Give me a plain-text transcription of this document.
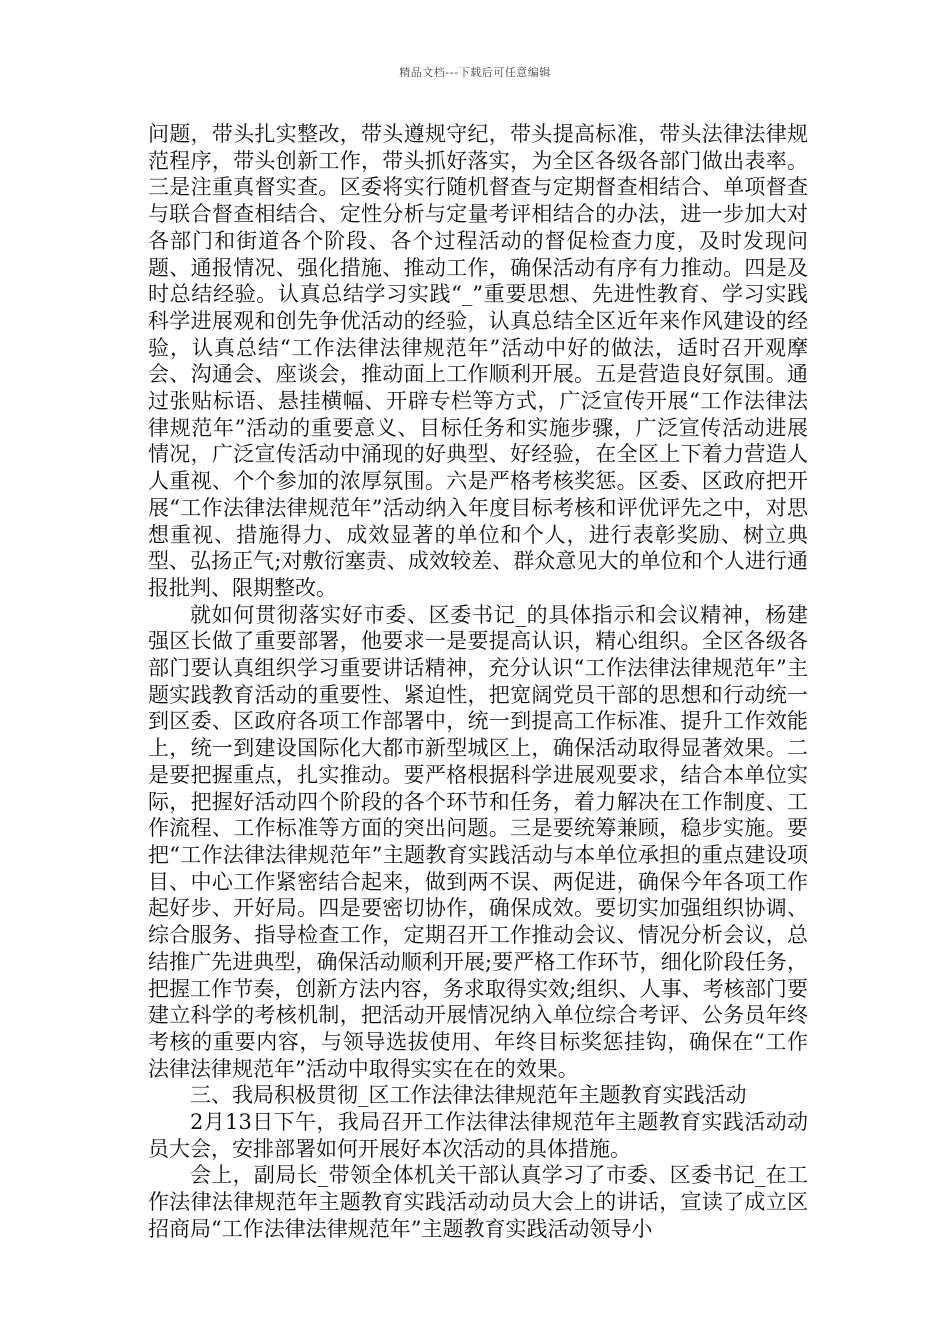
精品文档---下载后可任意编辑

问题，带头扎实整改，带头遵规守纪，带头提高标准，带头法律法律规范程序，带头创新工作，带头抓好落实，为全区各级各部门做出表率。三是注重真督实查。区委将实行随机督查与定期督查相结合、单项督查与联合督查相结合、定性分析与定量考评相结合的办法，进一步加大对各部门和街道各个阶段、各个过程活动的督促检查力度，及时发现问题、通报情况、强化措施、推动工作，确保活动有序有力推动。四是及时总结经验。认真总结学习实践“_”重要思想、先进性教育、学习实践科学进展观和创先争优活动的经验，认真总结全区近年来作风建设的经验，认真总结“工作法律法律规范年”活动中好的做法，适时召开观摩会、沟通会、座谈会，推动面上工作顺利开展。五是营造良好氛围。通过张贴标语、悬挂横幅、开辟专栏等方式，广泛宣传开展“工作法律法律规范年”活动的重要意义、目标任务和实施步骤，广泛宣传活动进展情况，广泛宣传活动中涌现的好典型、好经验，在全区上下着力营造人人重视、个个参加的浓厚氛围。六是严格考核奖惩。区委、区政府把开展“工作法律法律规范年”活动纳入年度目标考核和评优评先之中，对思想重视、措施得力、成效显著的单位和个人，进行表彰奖励、树立典型、弘扬正气;对敷衍塞责、成效较差、群众意见大的单位和个人进行通报批判、限期整改。

就如何贯彻落实好市委、区委书记_的具体指示和会议精神，杨建强区长做了重要部署，他要求一是要提高认识，精心组织。全区各级各部门要认真组织学习重要讲话精神，充分认识“工作法律法律规范年”主题实践教育活动的重要性、紧迫性，把宽阔党员干部的思想和行动统一到区委、区政府各项工作部署中，统一到提高工作标准、提升工作效能上，统一到建设国际化大都市新型城区上，确保活动取得显著效果。二是要把握重点，扎实推动。要严格根据科学进展观要求，结合本单位实际，把握好活动四个阶段的各个环节和任务，着力解决在工作制度、工作流程、工作标准等方面的突出问题。三是要统筹兼顾，稳步实施。要把“工作法律法律规范年”主题教育实践活动与本单位承担的重点建设项目、中心工作紧密结合起来，做到两不误、两促进，确保今年各项工作起好步、开好局。四是要密切协作，确保成效。要切实加强组织协调、综合服务、指导检查工作，定期召开工作推动会议、情况分析会议，总结推广先进典型，确保活动顺利开展;要严格工作环节，细化阶段任务，把握工作节奏，创新方法内容，务求取得实效;组织、人事、考核部门要建立科学的考核机制，把活动开展情况纳入单位综合考评、公务员年终考核的重要内容，与领导选拔使用、年终目标奖惩挂钩，确保在“工作法律法律规范年”活动中取得实实在在的效果。

三、我局积极贯彻_区工作法律法律规范年主题教育实践活动

2月13日下午，我局召开工作法律法律规范年主题教育实践活动动员大会，安排部署如何开展好本次活动的具体措施。

会上，副局长_带领全体机关干部认真学习了市委、区委书记_在工作法律法律规范年主题教育实践活动动员大会上的讲话，宣读了成立区招商局“工作法律法律规范年”主题教育实践活动领导小
